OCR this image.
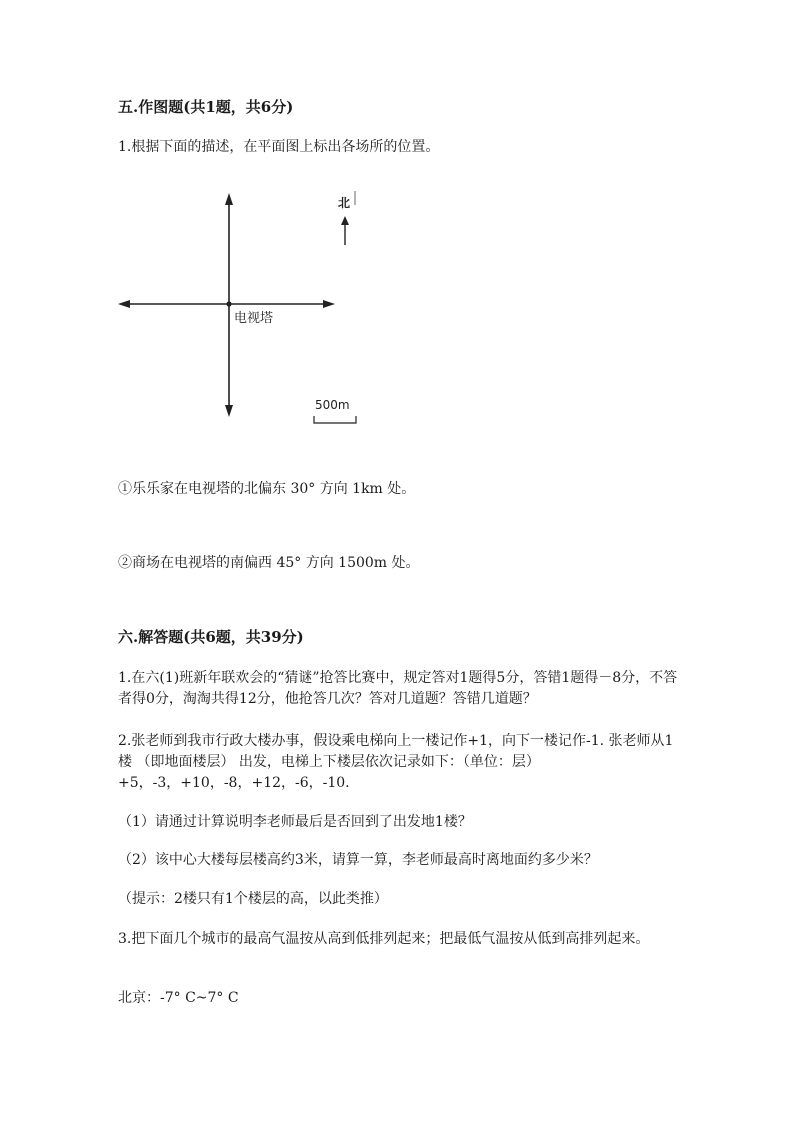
五.作图题(共1题，共6分)
1.根据下面的描述，在平面图上标出各场所的位置。
电视塔
北
500m
①乐乐家在电视塔的北偏东 30° 方向 1km 处。
②商场在电视塔的南偏西 45° 方向 1500m 处。
六.解答题(共6题，共39分)
1.在六(1)班新年联欢会的“猜谜”抢答比赛中，规定答对1题得5分，答错1题得－8分，不答者得0分，淘淘共得12分，他抢答几次？答对几道题？答错几道题？
2.张老师到我市行政大楼办事，假设乘电梯向上一楼记作+1，向下一楼记作-1. 张老师从1楼 （即地面楼层） 出发，电梯上下楼层依次记录如下：（单位：层）+5，-3，+10，-8，+12，-6，-10.
（1）请通过计算说明李老师最后是否回到了出发地1楼？
（2）该中心大楼每层楼高约3米，请算一算，李老师最高时离地面约多少米？
（提示：2楼只有1个楼层的高，以此类推）
3.把下面几个城市的最高气温按从高到低排列起来；把最低气温按从低到高排列起来。
北京：-7° C~7° C
